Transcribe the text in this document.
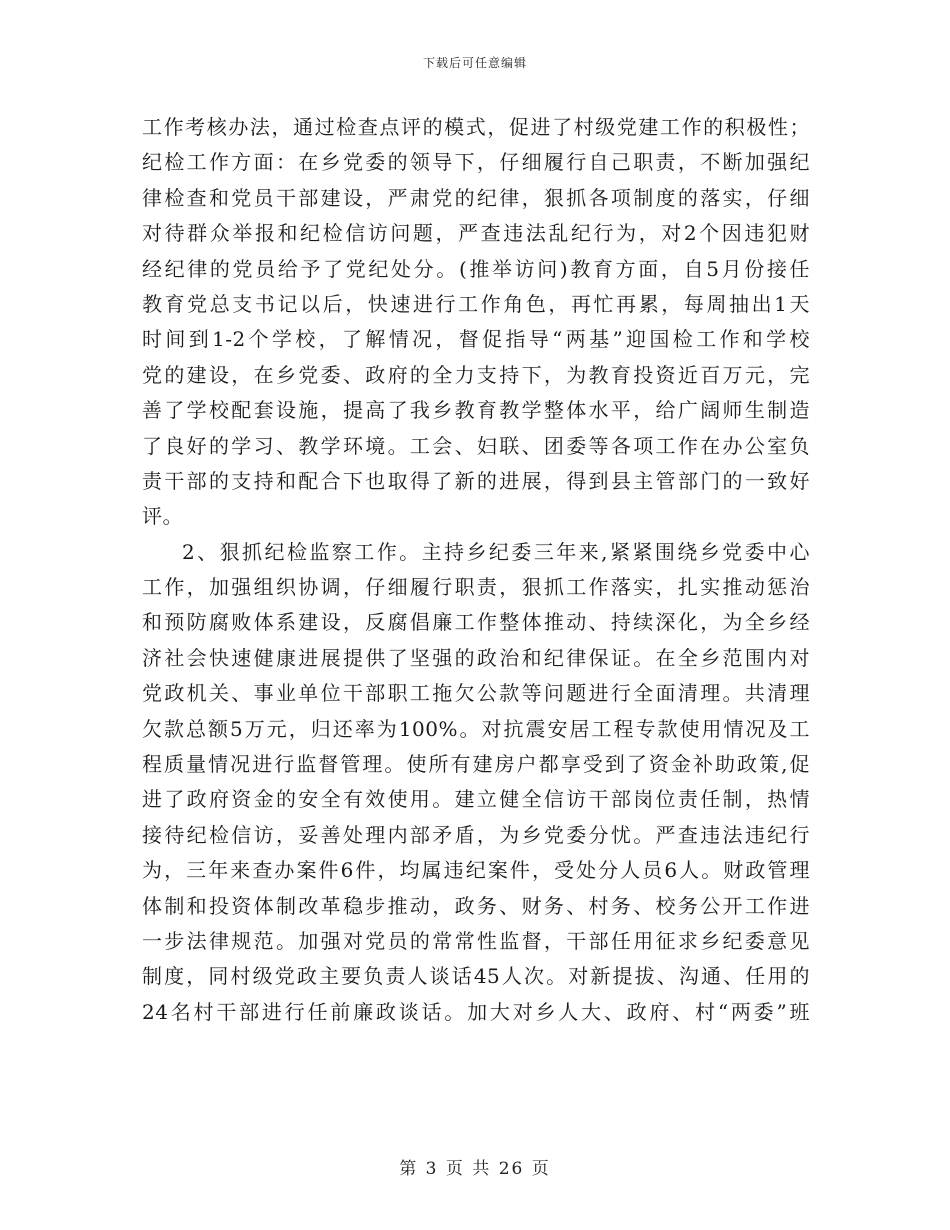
下载后可任意编辑
工作考核办法，通过检查点评的模式，促进了村级党建工作的积极性；
纪检工作方面：在乡党委的领导下，仔细履行自己职责，不断加强纪
律检查和党员干部建设，严肃党的纪律，狠抓各项制度的落实，仔细
对待群众举报和纪检信访问题，严查违法乱纪行为，对2个因违犯财
经纪律的党员给予了党纪处分。(推举访问)教育方面，自5月份接任
教育党总支书记以后，快速进行工作角色，再忙再累，每周抽出1天
时间到1-2个学校，了解情况，督促指导“两基”迎国检工作和学校
党的建设，在乡党委、政府的全力支持下，为教育投资近百万元，完
善了学校配套设施，提高了我乡教育教学整体水平，给广阔师生制造
了良好的学习、教学环境。工会、妇联、团委等各项工作在办公室负
责干部的支持和配合下也取得了新的进展，得到县主管部门的一致好
评。
2、狠抓纪检监察工作。主持乡纪委三年来,紧紧围绕乡党委中心
工作，加强组织协调，仔细履行职责，狠抓工作落实，扎实推动惩治
和预防腐败体系建设，反腐倡廉工作整体推动、持续深化，为全乡经
济社会快速健康进展提供了坚强的政治和纪律保证。在全乡范围内对
党政机关、事业单位干部职工拖欠公款等问题进行全面清理。共清理
欠款总额5万元，归还率为100%。对抗震安居工程专款使用情况及工
程质量情况进行监督管理。使所有建房户都享受到了资金补助政策,促
进了政府资金的安全有效使用。建立健全信访干部岗位责任制，热情
接待纪检信访，妥善处理内部矛盾，为乡党委分忧。严查违法违纪行
为，三年来查办案件6件，均属违纪案件，受处分人员6人。财政管理
体制和投资体制改革稳步推动，政务、财务、村务、校务公开工作进
一步法律规范。加强对党员的常常性监督，干部任用征求乡纪委意见
制度，同村级党政主要负责人谈话45人次。对新提拔、沟通、任用的
24名村干部进行任前廉政谈话。加大对乡人大、政府、村“两委”班
第 3 页 共 26 页
